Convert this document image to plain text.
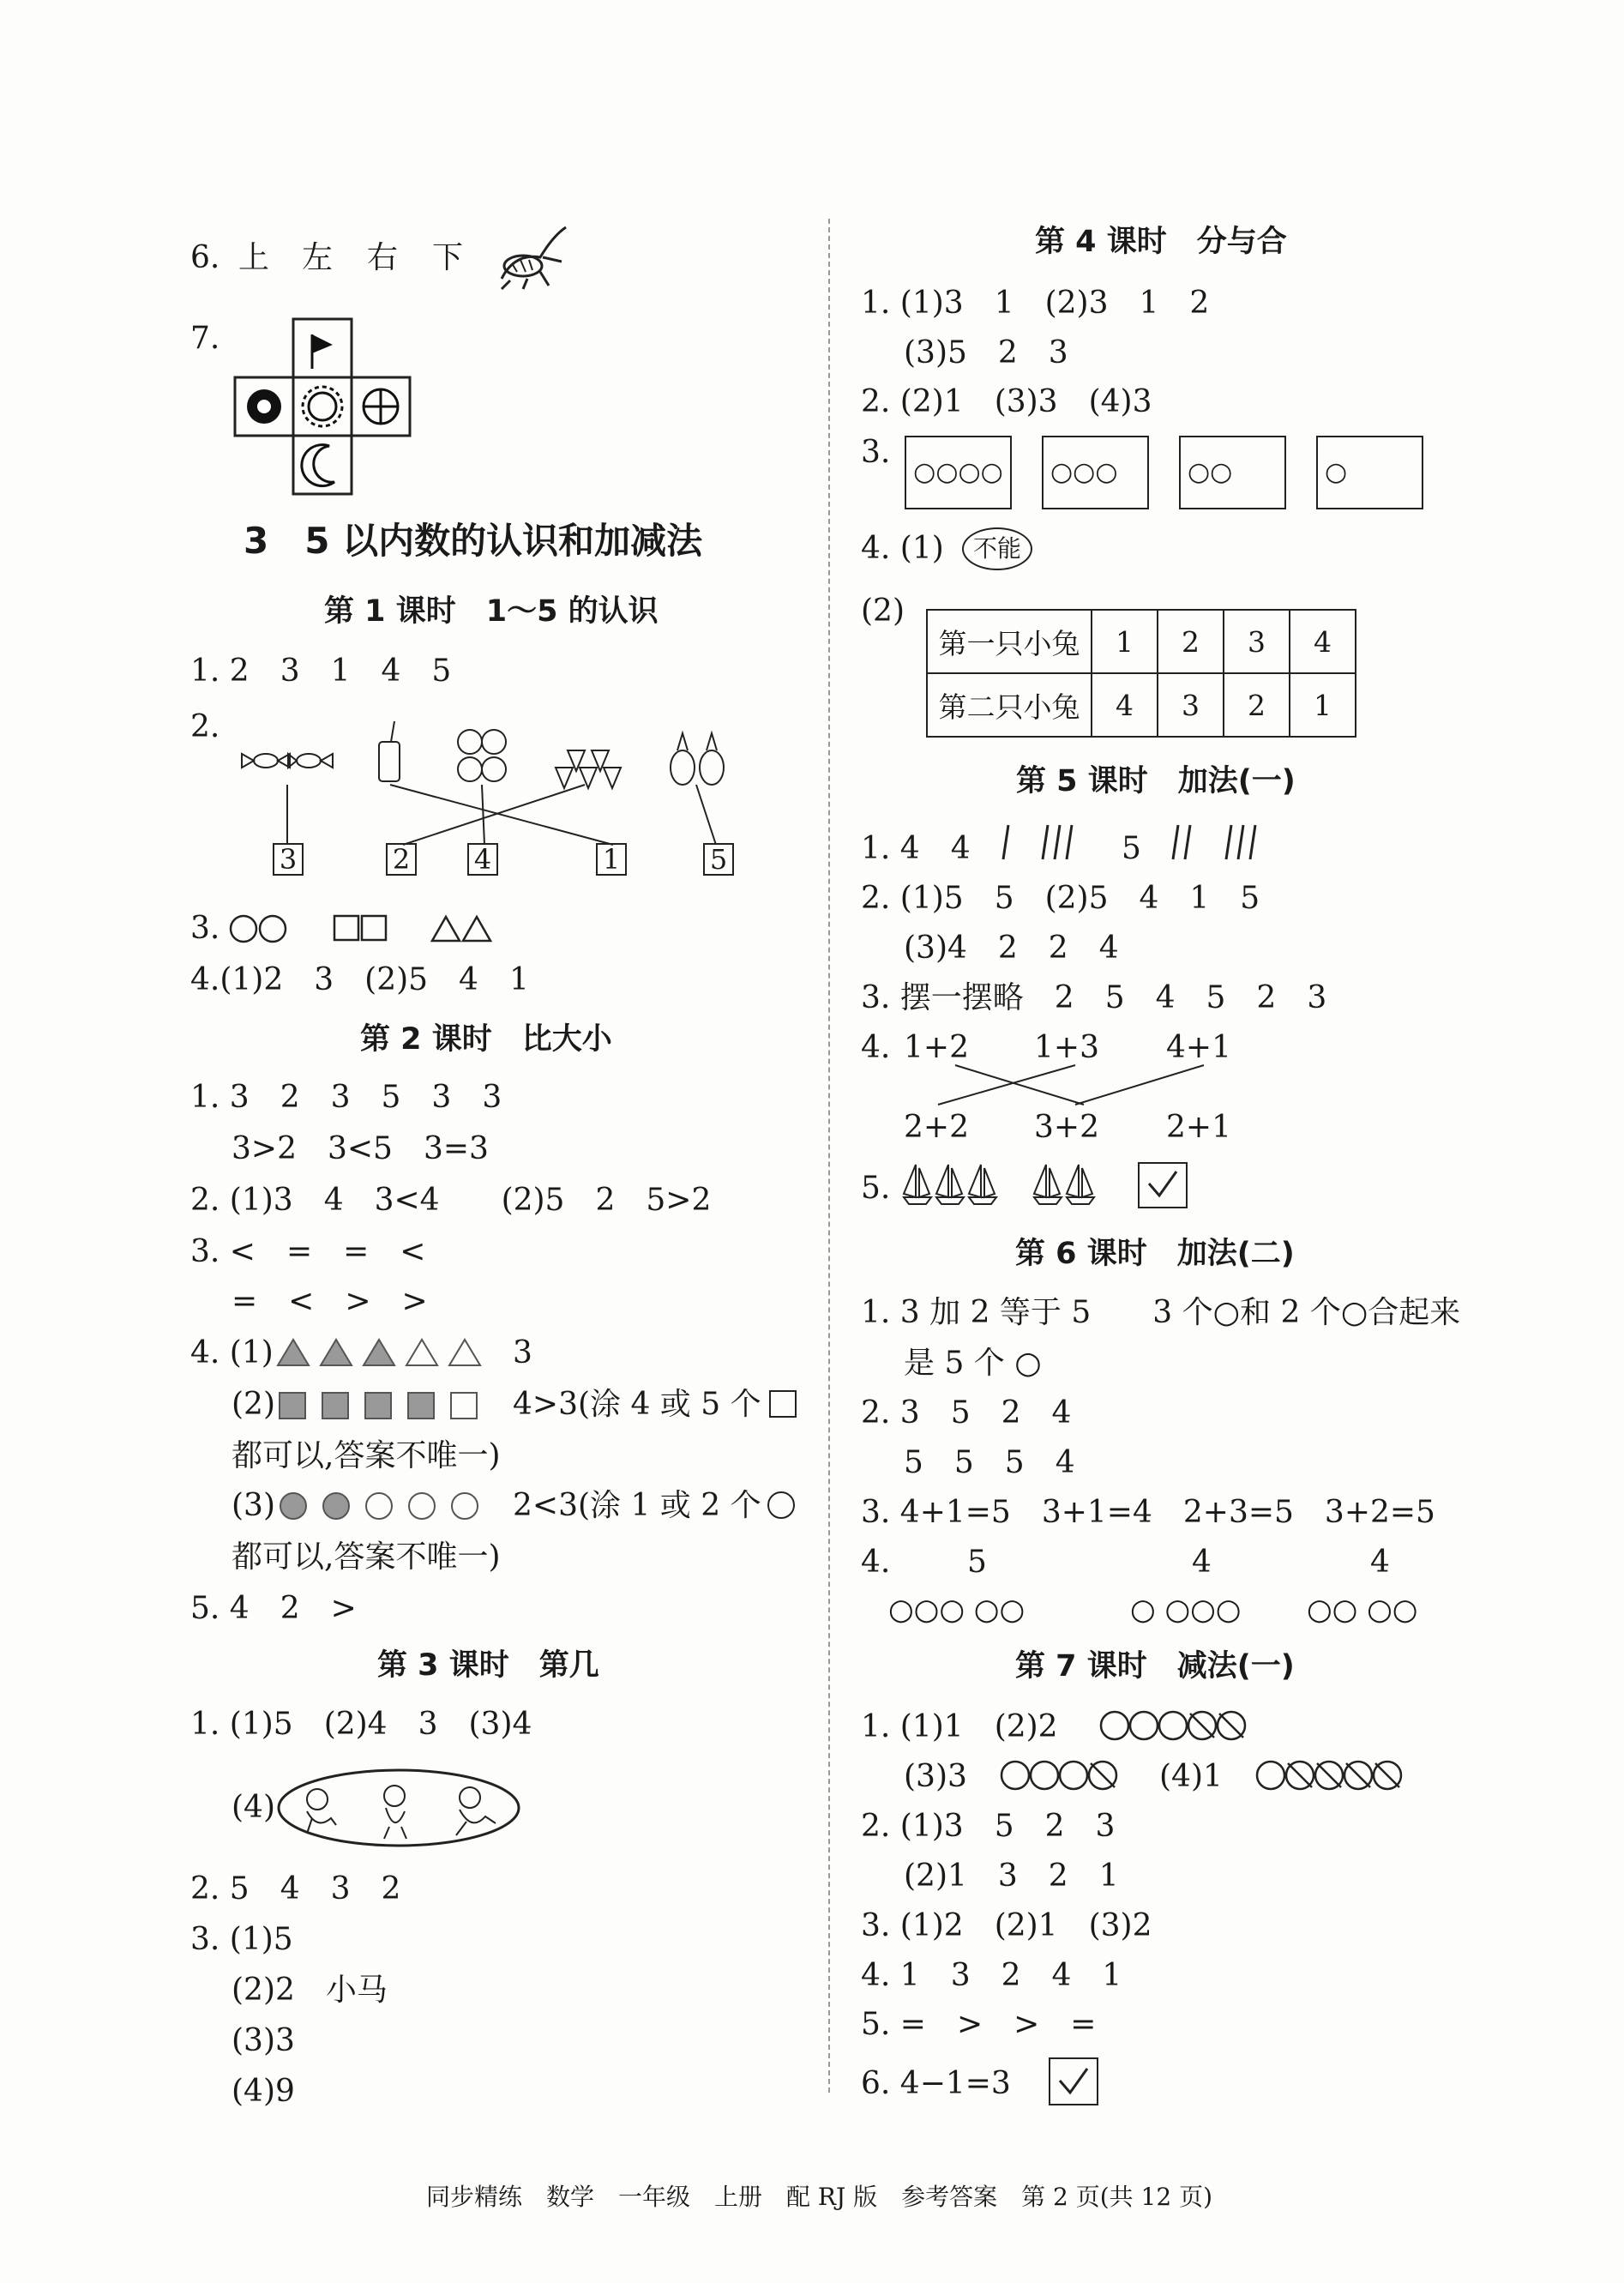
6. 上 左 右 下
7.
3　5 以内数的认识和加减法
第 1 课时　1～5 的认识
1. 2　3　1　4　5
2.
3	2 4	1	5
3.
4.(1)2　3　(2)5　4　1
第 2 课时　比大小
1. 3　2　3　5　3　3
3>2　3<5　3=3
2. (1)3　4　3<4　　(2)5　2　5>2
3. <　=　=　<
=　<　>　>
4. (1)	3
(2)	4>3(涂 4 或 5 个
都可以,答案不唯一)
(3)	2<3(涂 1 或 2 个
都可以,答案不唯一)
5. 4　2　>
第 3 课时　第几
1. (1)5　(2)4　3　(3)4
(4)
2. 5　4　3　2
3. (1)5
(2)2　小马
(3)3
(4)9
第 4 课时　分与合
1. (1)3　1　(2)3　1　2
(3)5　2　3
2. (2)1　(3)3　(4)3
3.
○○○○	○○○	○○	○
4. (1)	不能
(2)
第一只小兔	1	2	3	4
第二只小兔	4	3	2	1
第 5 课时　加法(一)
1. 4　4	5
2. (1)5　5　(2)5　4　1　5
(3)4　2　2　4
3. 摆一摆略　2　5　4　5　2　3
4. 1+2 1+3 4+1
2+2 3+2 2+1
5.
第 6 课时　加法(二)
1. 3 加 2 等于 5　　3 个○和 2 个○合起来
是 5 个 ○
2. 3　5　2　4
5　5　5　4
3. 4+1=5　3+1=4　2+3=5　3+2=5
4. 5	4	4
○○○ ○○	○ ○○○ ○○ ○○
第 7 课时　减法(一)
1. (1)1　(2)2
(3)3	(4)1
2. (1)3　5　2　3
(2)1　3　2　1
3. (1)2　(2)1　(3)2
4. 1　3　2　4　1
5. =　>　>　=
6. 4−1=3
同步精练　数学　一年级　上册　配 RJ 版　参考答案　第 2 页(共 12 页)
